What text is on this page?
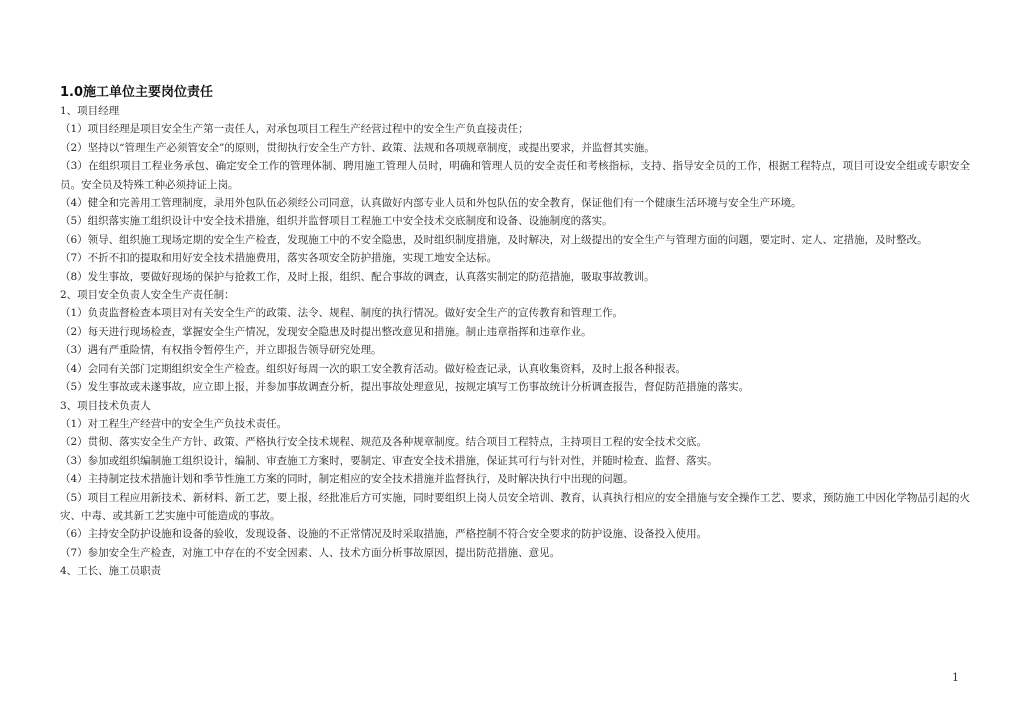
1.0施工单位主要岗位责任

1、项目经理

（1）项目经理是项目安全生产第一责任人，对承包项目工程生产经营过程中的安全生产负直接责任；

（2）坚持以“管理生产必须管安全”的原则，贯彻执行安全生产方针、政策、法规和各项规章制度，或提出要求，并监督其实施。

（3）在组织项目工程业务承包、确定安全工作的管理体制、聘用施工管理人员时，明确和管理人员的安全责任和考核指标，支持、指导安全员的工作，根据工程特点，项目可设安全组或专职安全员。安全员及特殊工种必须持证上岗。

（4）健全和完善用工管理制度，录用外包队伍必须经公司同意，认真做好内部专业人员和外包队伍的安全教育，保证他们有一个健康生活环境与安全生产环境。

（5）组织落实施工组织设计中安全技术措施，组织并监督项目工程施工中安全技术交底制度和设备、设施制度的落实。

（6）领导、组织施工现场定期的安全生产检查，发现施工中的不安全隐患，及时组织制度措施，及时解决，对上级提出的安全生产与管理方面的问题，要定时、定人、定措施，及时整改。

（7）不折不扣的提取和用好安全技术措施费用，落实各项安全防护措施，实现工地安全达标。

（8）发生事故，要做好现场的保护与抢救工作，及时上报，组织、配合事故的调查，认真落实制定的防范措施，吸取事故教训。

2、项目安全负责人安全生产责任制：

（1）负责监督检查本项目对有关安全生产的政策、法令、规程、制度的执行情况。做好安全生产的宣传教育和管理工作。

（2）每天进行现场检查，掌握安全生产情况，发现安全隐患及时提出整改意见和措施。制止违章指挥和违章作业。

（3）遇有严重险情，有权指令暂停生产，并立即报告领导研究处理。

（4）会同有关部门定期组织安全生产检查。组织好每周一次的职工安全教育活动。做好检查记录，认真收集资料，及时上报各种报表。

（5）发生事故或未遂事故，应立即上报，并参加事故调查分析，提出事故处理意见，按规定填写工伤事故统计分析调查报告，督促防范措施的落实。

3、项目技术负责人

（1）对工程生产经营中的安全生产负技术责任。

（2）贯彻、落实安全生产方针、政策、严格执行安全技术规程、规范及各种规章制度。结合项目工程特点，主持项目工程的安全技术交底。

（3）参加或组织编制施工组织设计，编制、审查施工方案时，要制定、审查安全技术措施，保证其可行与针对性，并随时检查、监督、落实。

（4）主持制定技术措施计划和季节性施工方案的同时，制定相应的安全技术措施并监督执行，及时解决执行中出现的问题。

（5）项目工程应用新技术、新材料、新工艺，要上报，经批准后方可实施，同时要组织上岗人员安全培训、教育，认真执行相应的安全措施与安全操作工艺、要求，预防施工中因化学物品引起的火灾、中毒、或其新工艺实施中可能造成的事故。

（6）主持安全防护设施和设备的验收，发现设备、设施的不正常情况及时采取措施，严格控制不符合安全要求的防护设施、设备投入使用。

（7）参加安全生产检查，对施工中存在的不安全因素、人、技术方面分析事故原因，提出防范措施、意见。

4、工长、施工员职责

1
